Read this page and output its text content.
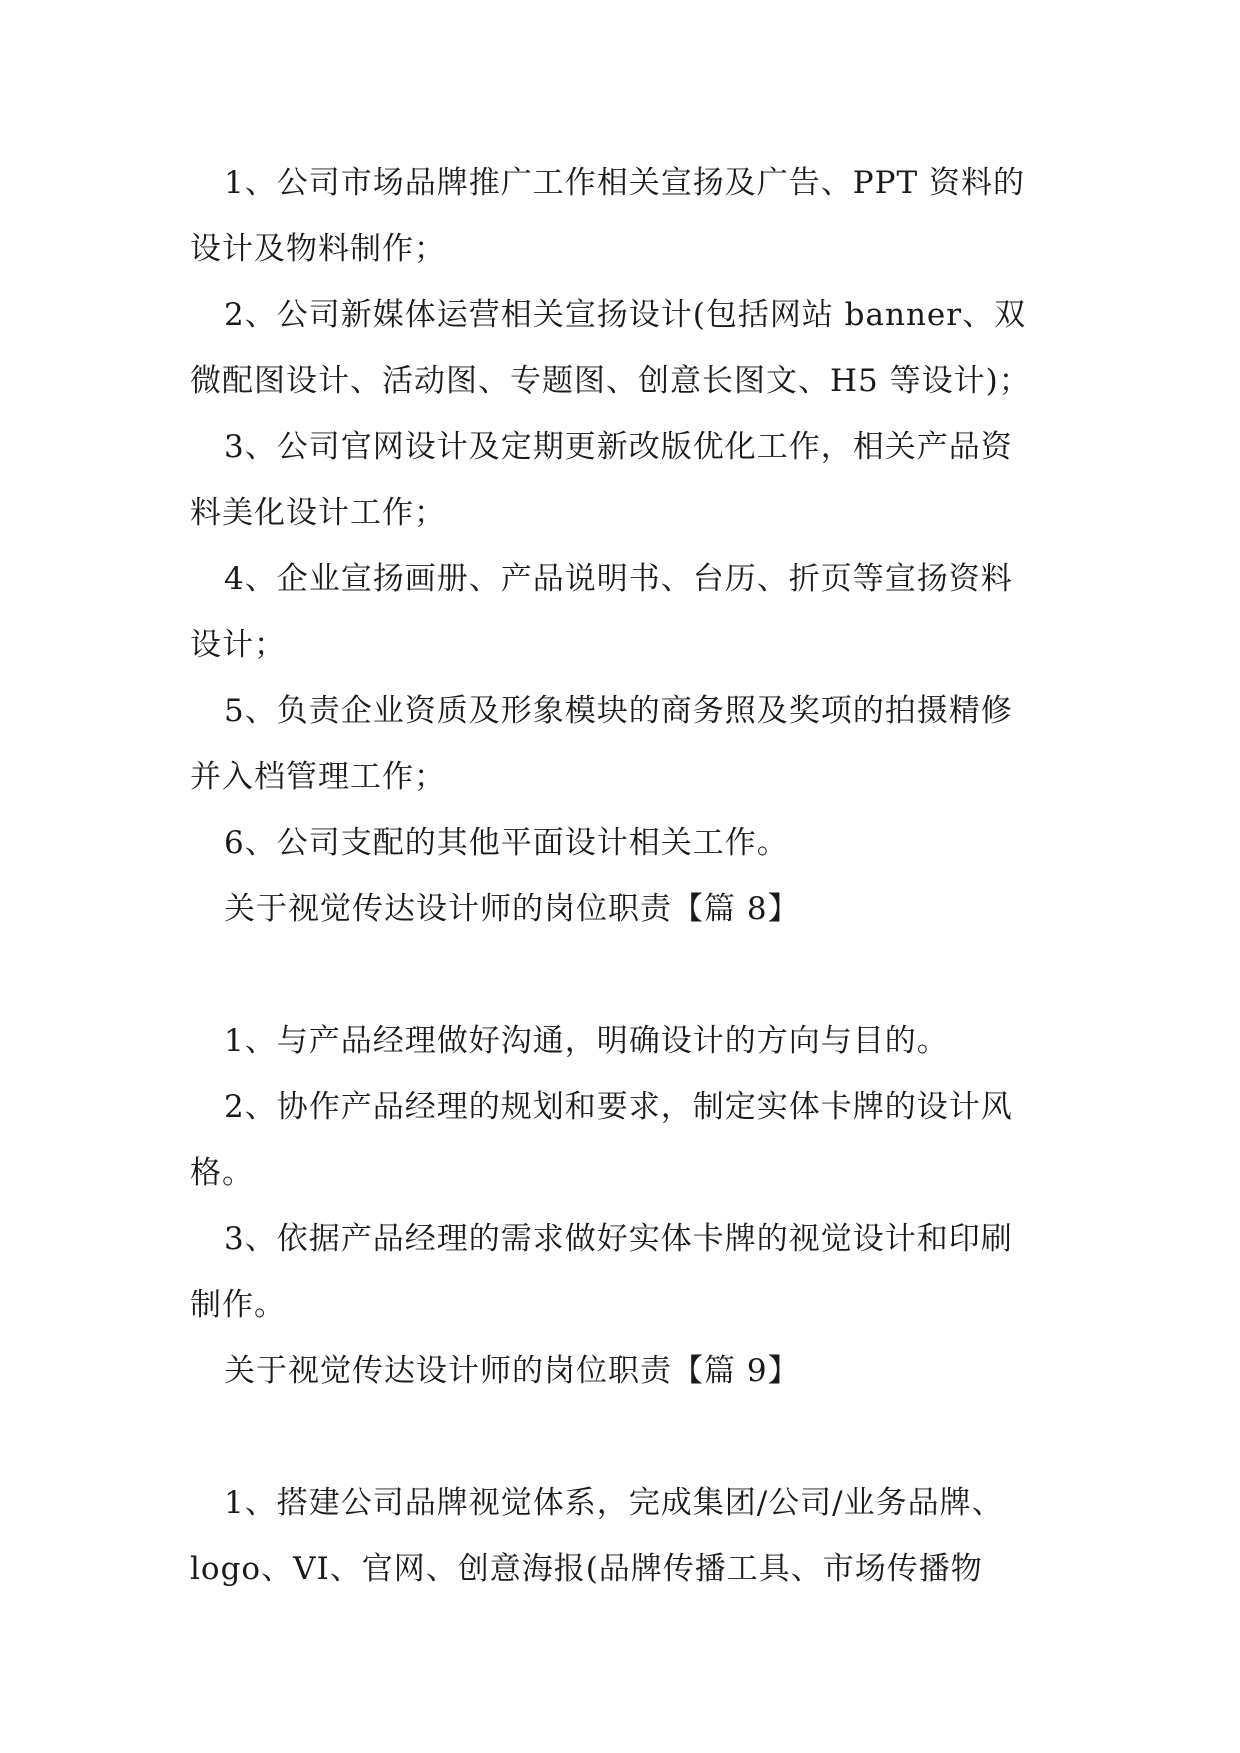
1、公司市场品牌推广工作相关宣扬及广告、PPT 资料的
设计及物料制作；
2、公司新媒体运营相关宣扬设计(包括网站 banner、双
微配图设计、活动图、专题图、创意长图文、H5 等设计)；
3、公司官网设计及定期更新改版优化工作，相关产品资
料美化设计工作；
4、企业宣扬画册、产品说明书、台历、折页等宣扬资料
设计；
5、负责企业资质及形象模块的商务照及奖项的拍摄精修
并入档管理工作；
6、公司支配的其他平面设计相关工作。
关于视觉传达设计师的岗位职责【篇 8】
1、与产品经理做好沟通，明确设计的方向与目的。
2、协作产品经理的规划和要求，制定实体卡牌的设计风
格。
3、依据产品经理的需求做好实体卡牌的视觉设计和印刷
制作。
关于视觉传达设计师的岗位职责【篇 9】
1、搭建公司品牌视觉体系，完成集团/公司/业务品牌、
logo、VI、官网、创意海报(品牌传播工具、市场传播物
